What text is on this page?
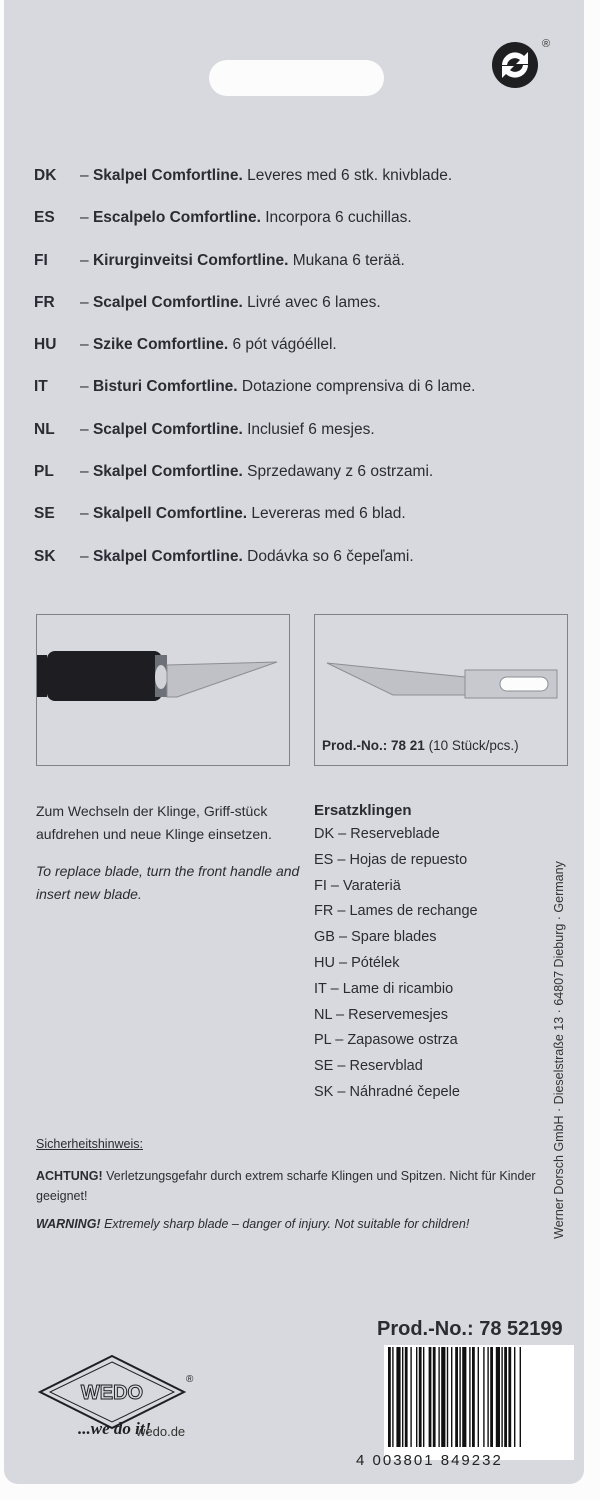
®
DK – Skalpel Comfortline. Leveres med 6 stk. knivblade.
ES – Escalpelo Comfortline. Incorpora 6 cuchillas.
FI – Kirurginveitsi Comfortline. Mukana 6 terää.
FR – Scalpel Comfortline. Livré avec 6 lames.
HU – Szike Comfortline. 6 pót vágóéllel.
IT – Bisturi Comfortline. Dotazione comprensiva di 6 lame.
NL – Scalpel Comfortline. Inclusief 6 mesjes.
PL – Skalpel Comfortline. Sprzedawany z 6 ostrzami.
SE – Skalpell Comfortline. Levereras med 6 blad.
SK – Skalpel Comfortline. Dodávka so 6 čepeľami.
Prod.-No.: 78 21 (10 Stück/pcs.)
Zum Wechseln der Klinge, Griff-stück aufdrehen und neue Klinge einsetzen.
To replace blade, turn the front handle and insert new blade.
Ersatzklingen
DK – Reserveblade
ES – Hojas de repuesto
FI – Varateriä
FR – Lames de rechange
GB – Spare blades
HU – Pótélek
IT – Lame di ricambio
NL – Reservemesjes
PL – Zapasowe ostrza
SE – Reservblad
SK – Náhradné čepele	Werner Dorsch GmbH · Dieselstraße 13 · 64807 Dieburg · Germany
Sicherheitshinweis:
ACHTUNG! Verletzungsgefahr durch extrem scharfe Klingen und Spitzen. Nicht für Kinder geeignet!
WARNING! Extremely sharp blade – danger of injury. Not suitable for children!
Prod.-No.: 78 52199
4 003801 849232
WEDO
...we do it!
®
wedo.de
